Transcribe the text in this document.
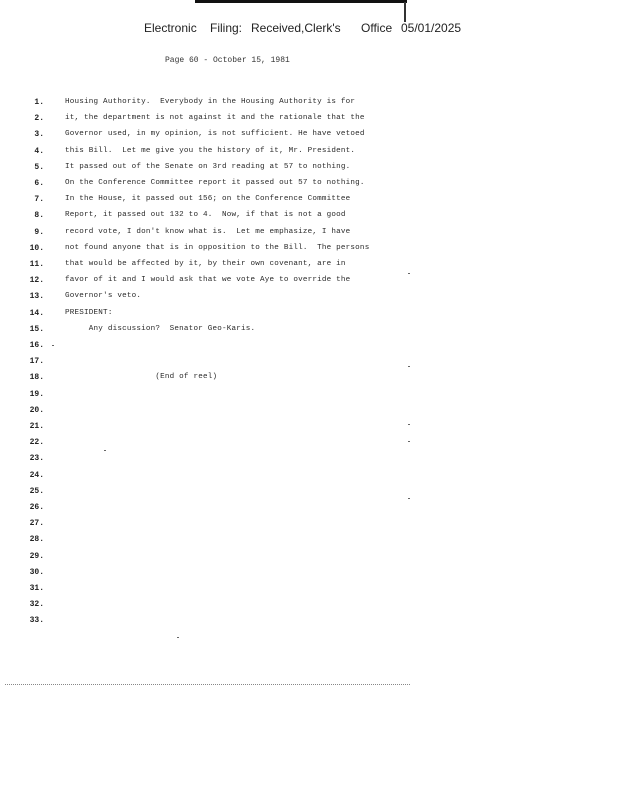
Electronic Filing: Received,Clerk's Office 05/01/2025
Page 60 - October 15, 1981
1.	Housing Authority.  Everybody in the Housing Authority is for
2.	it, the department is not against it and the rationale that the
3.	Governor used, in my opinion, is not sufficient. He have vetoed
4.	this Bill.  Let me give you the history of it, Mr. President.
5.	It passed out of the Senate on 3rd reading at 57 to nothing.
6.	On the Conference Committee report it passed out 57 to nothing.
7.	In the House, it passed out 156; on the Conference Committee
8.	Report, it passed out 132 to 4.  Now, if that is not a good
9.	record vote, I don't know what is.  Let me emphasize, I have
10.	not found anyone that is in opposition to the Bill.  The persons
11.	that would be affected by it, by their own covenant, are in
12.	favor of it and I would ask that we vote Aye to override the
13.	Governor's veto.
14.	PRESIDENT:
15.	Any discussion?  Senator Geo-Karis.
16.
17.
18.	(End of reel)
19.
20.
21.
22.
23.
24.
25.
26.
27.
28.
29.
30.
31.
32.
33.
